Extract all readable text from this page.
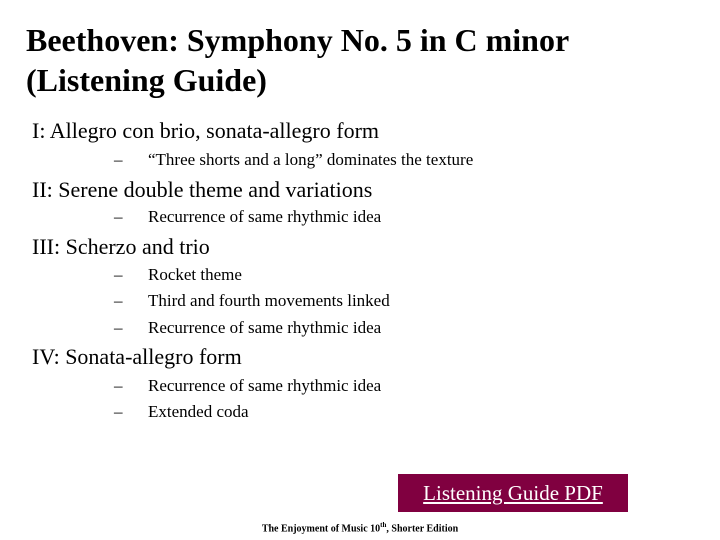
Beethoven: Symphony No. 5 in C minor
(Listening Guide)
I: Allegro con brio, sonata-allegro form
– “Three shorts and a long” dominates the texture
II: Serene double theme and variations
– Recurrence of same rhythmic idea
III: Scherzo and trio
– Rocket theme
– Third and fourth movements linked
– Recurrence of same rhythmic idea
IV: Sonata-allegro form
– Recurrence of same rhythmic idea
– Extended coda
Listening Guide PDF
The Enjoyment of Music 10th, Shorter Edition
